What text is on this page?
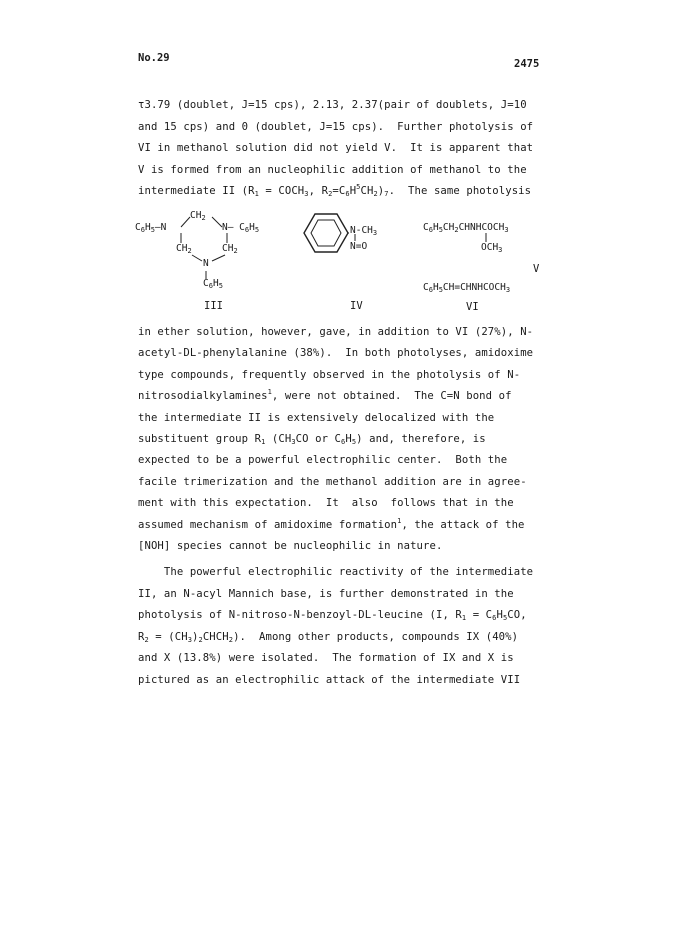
No.29	2475
τ3.79 (doublet, J=15 cps), 2.13, 2.37(pair of doublets, J=10
and 15 cps) and 0 (doublet, J=15 cps).  Further photolysis of
VI in methanol solution did not yield V.  It is apparent that
V is formed from an nucleophilic addition of methanol to the
intermediate II ($R_1$ = $COCH_3$, $R_2=C_6H^5CH_2)_7$.  The same photolysis
$CH_2$
$C_6H_5—N$	N— $C_6H_5$
$CH_2$	$CH_2$
N
$C_6H_5$
III
$N-CH_3$
N=O
IV
$C_6H_5CH_2CHNHCOCH_3$
$OCH_3$
V
$C_6H_5CH=CHNHCOCH_3$
VI
in ether solution, however, gave, in addition to VI (27%), N-
acetyl-DL-phenylalanine (38%).  In both photolyses, amidoxime
type compounds, frequently observed in the photolysis of N-
nitrosodialkylamines$^1$, were not obtained.  The C=N bond of
the intermediate II is extensively delocalized with the
substituent group $R_1$ ($CH_3CO$ or $C_6H_5$) and, therefore, is
expected to be a powerful electrophilic center.  Both the
facile trimerization and the methanol addition are in agree-
ment with this expectation.  It  also  follows that in the
assumed mechanism of amidoxime formation$^1$, the attack of the
[NOH] species cannot be nucleophilic in nature.
The powerful electrophilic reactivity of the intermediate
II, an N-acyl Mannich base, is further demonstrated in the
photolysis of N-nitroso-N-benzoyl-DL-leucine (I, $R_1 = C_6H_5CO$,
$R_2$ = $(CH_3)_2CHCH_2$).  Among other products, compounds IX (40%)
and X (13.8%) were isolated.  The formation of IX and X is
pictured as an electrophilic attack of the intermediate VII
